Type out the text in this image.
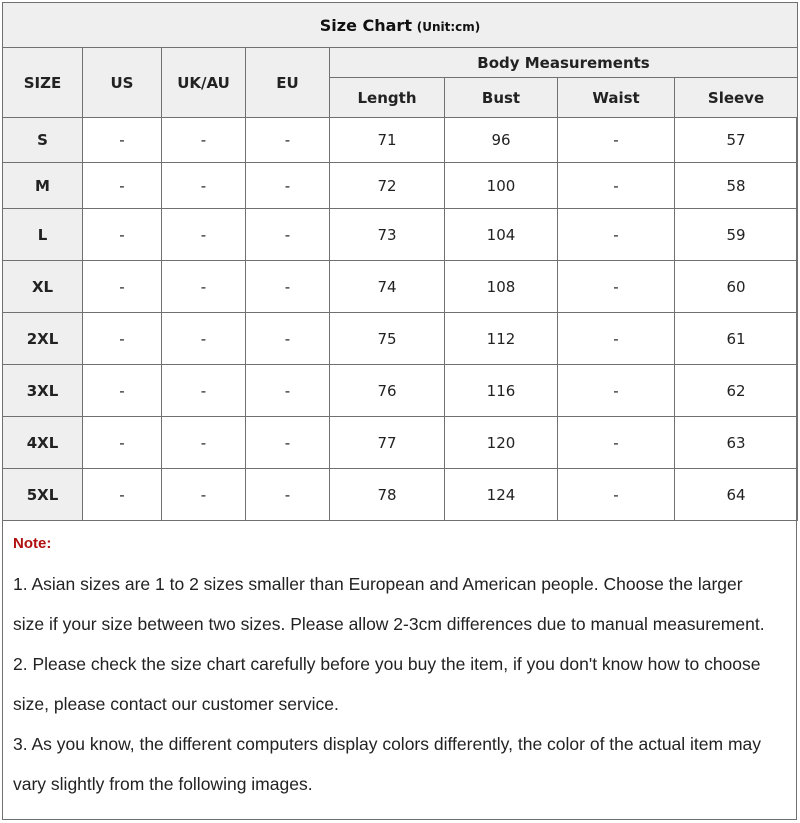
Size Chart (Unit:cm)							
SIZE	US	UK/AU	EU	Body Measurements			
				Length	Bust	Waist	Sleeve
S	-	-	-	71	96	-	57
M	-	-	-	72	100	-	58
L	-	-	-	73	104	-	59
XL	-	-	-	74	108	-	60
2XL	-	-	-	75	112	-	61
3XL	-	-	-	76	116	-	62
4XL	-	-	-	77	120	-	63
5XL	-	-	-	78	124	-	64
Note:

1. Asian sizes are 1 to 2 sizes smaller than European and American people. Choose the larger

size if your size between two sizes. Please allow 2-3cm differences due to manual measurement.

2. Please check the size chart carefully before you buy the item, if you don't know how to choose

size, please contact our customer service.

3. As you know, the different computers display colors differently, the color of the actual item may

vary slightly from the following images.
